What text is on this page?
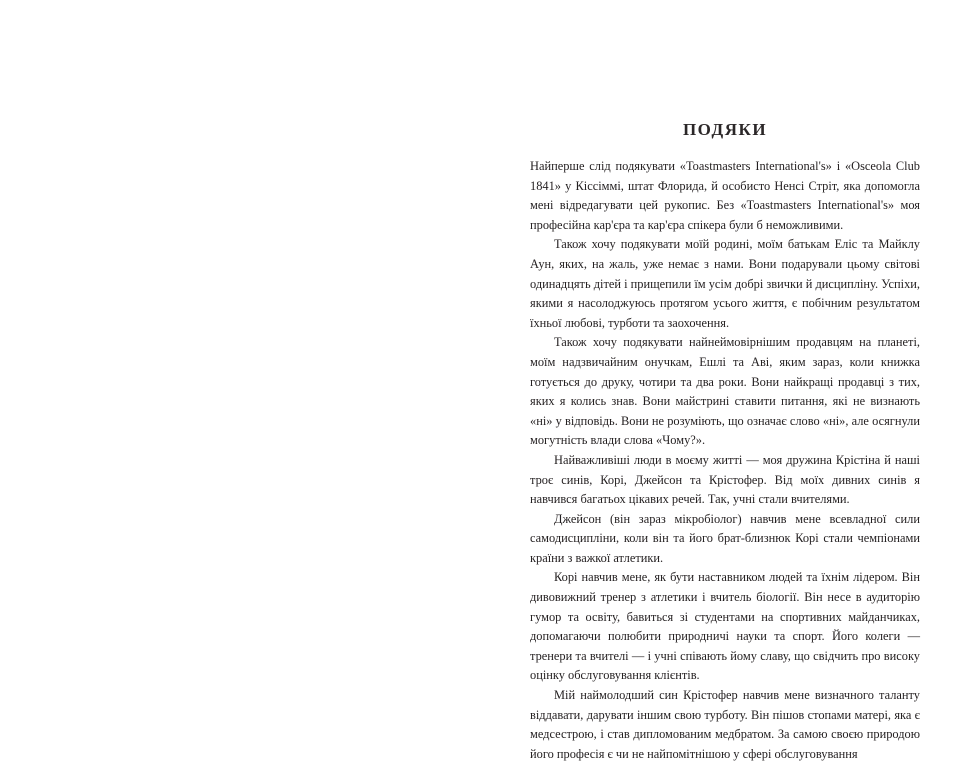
ПОДЯКИ

Найперше слід подякувати «Toastmasters International's» і «Osceola Club 1841» у Кіссіммі, штат Флорида, й особисто Ненсі Стріт, яка допомогла мені відредагувати цей рукопис. Без «Toastmasters International's» моя професійна кар'єра та кар'єра спікера були б неможливими.

Також хочу подякувати моїй родині, моїм батькам Еліс та Майклу Аун, яких, на жаль, уже немає з нами. Вони подарували цьому світові одинадцять дітей і прищепили їм усім добрі звички й дисципліну. Успіхи, якими я насолоджуюсь протягом усього життя, є побічним результатом їхньої любові, турботи та заохочення.

Також хочу подякувати найнеймовірнішим продавцям на планеті, моїм надзвичайним онучкам, Ешлі та Аві, яким зараз, коли книжка готується до друку, чотири та два роки. Вони найкращі продавці з тих, яких я колись знав. Вони майстрині ставити питання, які не визнають «ні» у відповідь. Вони не розуміють, що означає слово «ні», але осягнули могутність влади слова «Чому?».

Найважливіші люди в моєму житті — моя дружина Крістіна й наші троє синів, Корі, Джейсон та Крістофер. Від моїх дивних синів я навчився багатьох цікавих речей. Так, учні стали вчителями.

Джейсон (він зараз мікробіолог) навчив мене всевладної сили самодисципліни, коли він та його брат-близнюк Корі стали чемпіонами країни з важкої атлетики.

Корі навчив мене, як бути наставником людей та їхнім лідером. Він дивовижний тренер з атлетики і вчитель біології. Він несе в аудиторію гумор та освіту, бавиться зі студентами на спортивних майданчиках, допомагаючи полюбити природничі науки та спорт. Його колеги — тренери та вчителі — і учні співають йому славу, що свідчить про високу оцінку обслуговування клієнтів.

Мій наймолодший син Крістофер навчив мене визначного таланту віддавати, дарувати іншим свою турботу. Він пішов стопами матері, яка є медсестрою, і став дипломованим медбратом. За самою своєю природою його професія є чи не найпомітнішою у сфері обслуговування
